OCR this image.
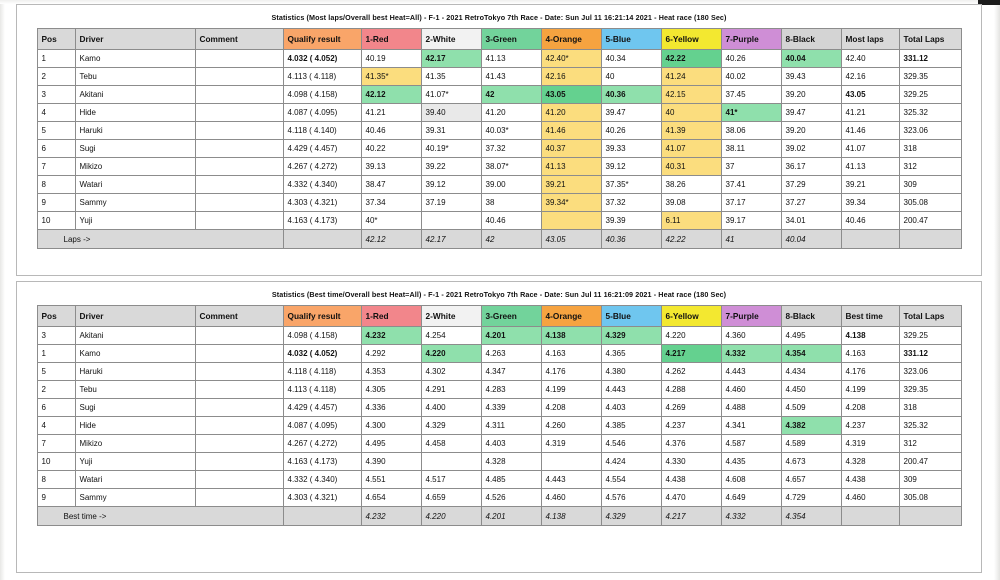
Statistics (Most laps/Overall best Heat=All) - F-1 - 2021 RetroTokyo 7th Race - Date: Sun Jul 11 16:21:14 2021 - Heat race (180 Sec)
Pos	Driver	Comment	Qualify result	1-Red	2-White	3-Green	4-Orange	5-Blue	6-Yellow	7-Purple	8-Black	Most laps	Total Laps
1	Kamo		4.032 ( 4.052)	40.19	42.17	41.13	42.40*	40.34	42.22	40.26	40.04	42.40	331.12
2	Tebu		4.113 ( 4.118)	41.35*	41.35	41.43	42.16	40	41.24	40.02	39.43	42.16	329.35
3	Akitani		4.098 ( 4.158)	42.12	41.07*	42	43.05	40.36	42.15	37.45	39.20	43.05	329.25
4	Hide		4.087 ( 4.095)	41.21	39.40	41.20	41.20	39.47	40	41*	39.47	41.21	325.32
5	Haruki		4.118 ( 4.140)	40.46	39.31	40.03*	41.46	40.26	41.39	38.06	39.20	41.46	323.06
6	Sugi		4.429 ( 4.457)	40.22	40.19*	37.32	40.37	39.33	41.07	38.11	39.02	41.07	318
7	Mikizo		4.267 ( 4.272)	39.13	39.22	38.07*	41.13	39.12	40.31	37	36.17	41.13	312
8	Watari		4.332 ( 4.340)	38.47	39.12	39.00	39.21	37.35*	38.26	37.41	37.29	39.21	309
9	Sammy		4.303 ( 4.321)	37.34	37.19	38	39.34*	37.32	39.08	37.17	37.27	39.34	305.08
10	Yuji		4.163 ( 4.173)	40*		40.46		39.39	6.11	39.17	34.01	40.46	200.47
Laps ->				42.12	42.17	42	43.05	40.36	42.22	41	40.04		
Statistics (Best time/Overall best Heat=All) - F-1 - 2021 RetroTokyo 7th Race - Date: Sun Jul 11 16:21:09 2021 - Heat race (180 Sec)
Pos	Driver	Comment	Qualify result	1-Red	2-White	3-Green	4-Orange	5-Blue	6-Yellow	7-Purple	8-Black	Best time	Total Laps
3	Akitani		4.098 ( 4.158)	4.232	4.254	4.201	4.138	4.329	4.220	4.360	4.495	4.138	329.25
1	Kamo		4.032 ( 4.052)	4.292	4.220	4.263	4.163	4.365	4.217	4.332	4.354	4.163	331.12
5	Haruki		4.118 ( 4.118)	4.353	4.302	4.347	4.176	4.380	4.262	4.443	4.434	4.176	323.06
2	Tebu		4.113 ( 4.118)	4.305	4.291	4.283	4.199	4.443	4.288	4.460	4.450	4.199	329.35
6	Sugi		4.429 ( 4.457)	4.336	4.400	4.339	4.208	4.403	4.269	4.488	4.509	4.208	318
4	Hide		4.087 ( 4.095)	4.300	4.329	4.311	4.260	4.385	4.237	4.341	4.382	4.237	325.32
7	Mikizo		4.267 ( 4.272)	4.495	4.458	4.403	4.319	4.546	4.376	4.587	4.589	4.319	312
10	Yuji		4.163 ( 4.173)	4.390		4.328		4.424	4.330	4.435	4.673	4.328	200.47
8	Watari		4.332 ( 4.340)	4.551	4.517	4.485	4.443	4.554	4.438	4.608	4.657	4.438	309
9	Sammy		4.303 ( 4.321)	4.654	4.659	4.526	4.460	4.576	4.470	4.649	4.729	4.460	305.08
Best time ->				4.232	4.220	4.201	4.138	4.329	4.217	4.332	4.354		
